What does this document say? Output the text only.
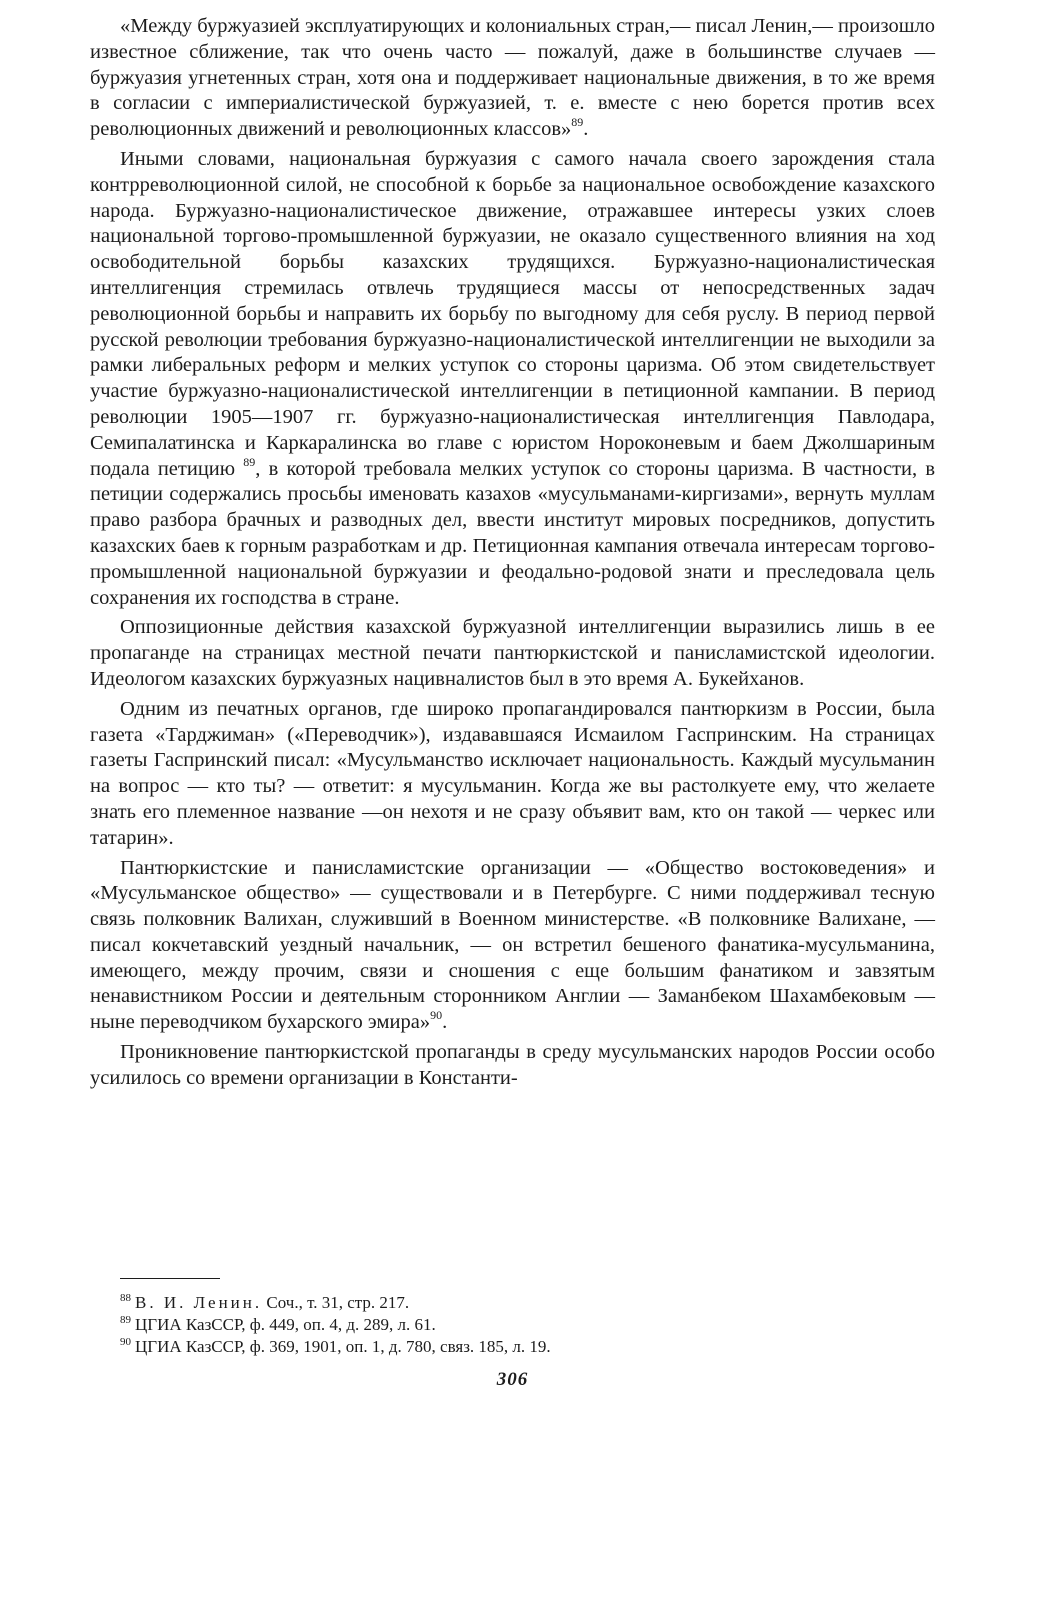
«Между буржуазией эксплуатирующих и колониальных стран,— писал Ленин,— произошло известное сближение, так что очень часто — пожалуй, даже в большинстве случаев — буржуазия угнетенных стран, хотя она и поддерживает национальные движения, в то же время в согласии с империалистической буржуазией, т. е. вместе с нею борется против всех революционных движений и революционных классов»$^{89}$.

Иными словами, национальная буржуазия с самого начала своего зарождения стала контрреволюционной силой, не способной к борьбе за национальное освобождение казахского народа. Буржуазно-националистическое движение, отражавшее интересы узких слоев национальной торгово-промышленной буржуазии, не оказало существенного влияния на ход освободительной борьбы казахских трудящихся. Буржуазно-националистическая интеллигенция стремилась отвлечь трудящиеся массы от непосредственных задач революционной борьбы и направить их борьбу по выгодному для себя руслу. В период первой русской революции требования буржуазно-националистической интеллигенции не выходили за рамки либеральных реформ и мелких уступок со стороны царизма. Об этом свидетельствует участие буржуазно-националистической интеллигенции в петиционной кампании. В период революции 1905—1907 гг. буржуазно-националистическая интеллигенция Павлодара, Семипалатинска и Каркаралинска во главе с юристом Нороконевым и баем Джолшариным подала петицию $^{89}$, в которой требовала мелких уступок со стороны царизма. В частности, в петиции содержались просьбы именовать казахов «мусульманами-киргизами», вернуть муллам право разбора брачных и разводных дел, ввести институт мировых посредников, допустить казахских баев к горным разработкам и др. Петиционная кампания отвечала интересам торгово-промышленной национальной буржуазии и феодально-родовой знати и преследовала цель сохранения их господства в стране.

Оппозиционные действия казахской буржуазной интеллигенции выразились лишь в ее пропаганде на страницах местной печати пантюркистской и панисламистской идеологии. Идеологом казахских буржуазных нацивналистов был в это время А. Букейханов.

Одним из печатных органов, где широко пропагандировался пантюркизм в России, была газета «Тарджиман» («Переводчик»), издававшаяся Исмаилом Гаспринским. На страницах газеты Гаспринский писал: «Мусульманство исключает национальность. Каждый мусульманин на вопрос — кто ты? — ответит: я мусульманин. Когда же вы растолкуете ему, что желаете знать его племенное название —он нехотя и не сразу объявит вам, кто он такой — черкес или татарин».

Пантюркистские и панисламистские организации — «Общество востоковедения» и «Мусульманское общество» — существовали и в Петербурге. С ними поддерживал тесную связь полковник Валихан, служивший в Военном министерстве. «В полковнике Валихане, — писал кокчетавский уездный начальник, — он встретил бешеного фанатика-мусульманина, имеющего, между прочим, связи и сношения с еще большим фанатиком и завзятым ненавистником России и деятельным сторонником Англии — Заманбеком Шахамбековым — ныне переводчиком бухарского эмира»$^{90}$.

Проникновение пантюркистской пропаганды в среду мусульманских народов России особо усилилось со времени организации в Константи-

$^{88}$ В. И. Ленин. Соч., т. 31, стр. 217.

$^{89}$ ЦГИА КазССР, ф. 449, оп. 4, д. 289, л. 61.

$^{90}$ ЦГИА КазССР, ф. 369, 1901, оп. 1, д. 780, связ. 185, л. 19.

306
